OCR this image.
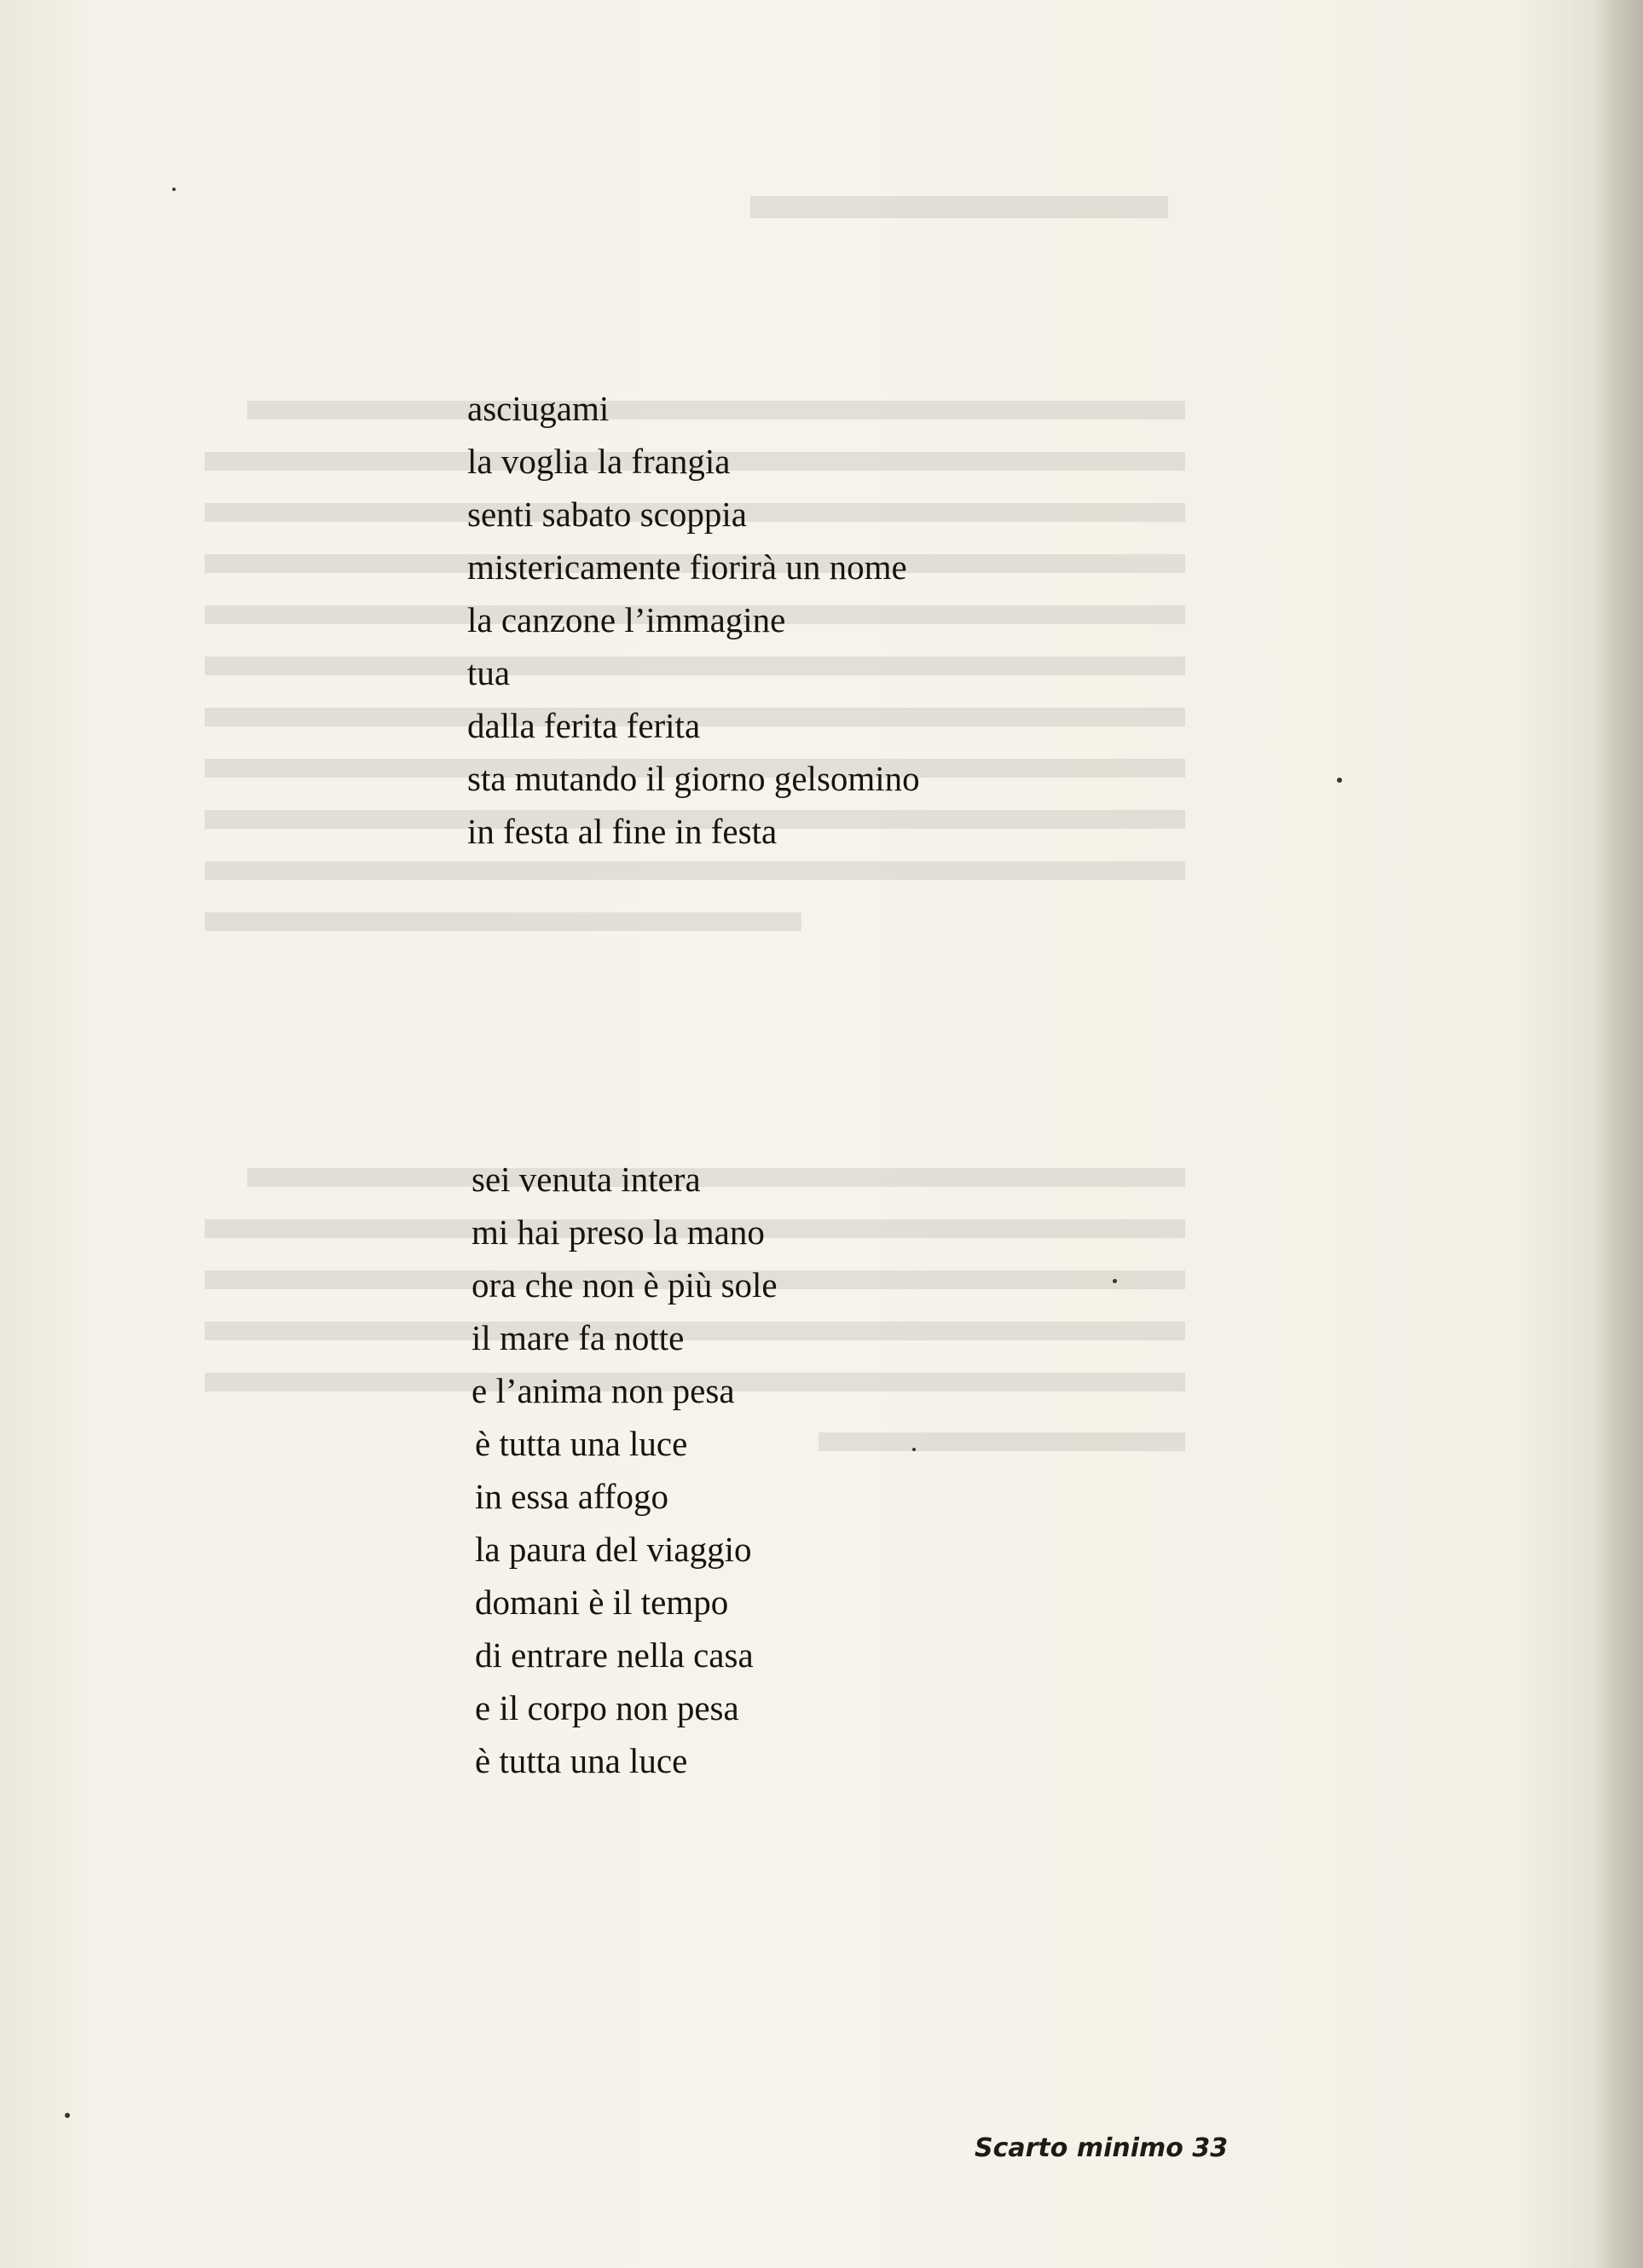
asciugami
la voglia la frangia
senti sabato scoppia
mistericamente fiorirà un nome
la canzone l’immagine
tua
dalla ferita ferita
sta mutando il giorno gelsomino
in festa al fine in festa
sei venuta intera
mi hai preso la mano
ora che non è più sole
il mare fa notte
e l’anima non pesa
è tutta una luce
in essa affogo
la paura del viaggio
domani è il tempo
di entrare nella casa
e il corpo non pesa
è tutta una luce
Scarto minimo 33
